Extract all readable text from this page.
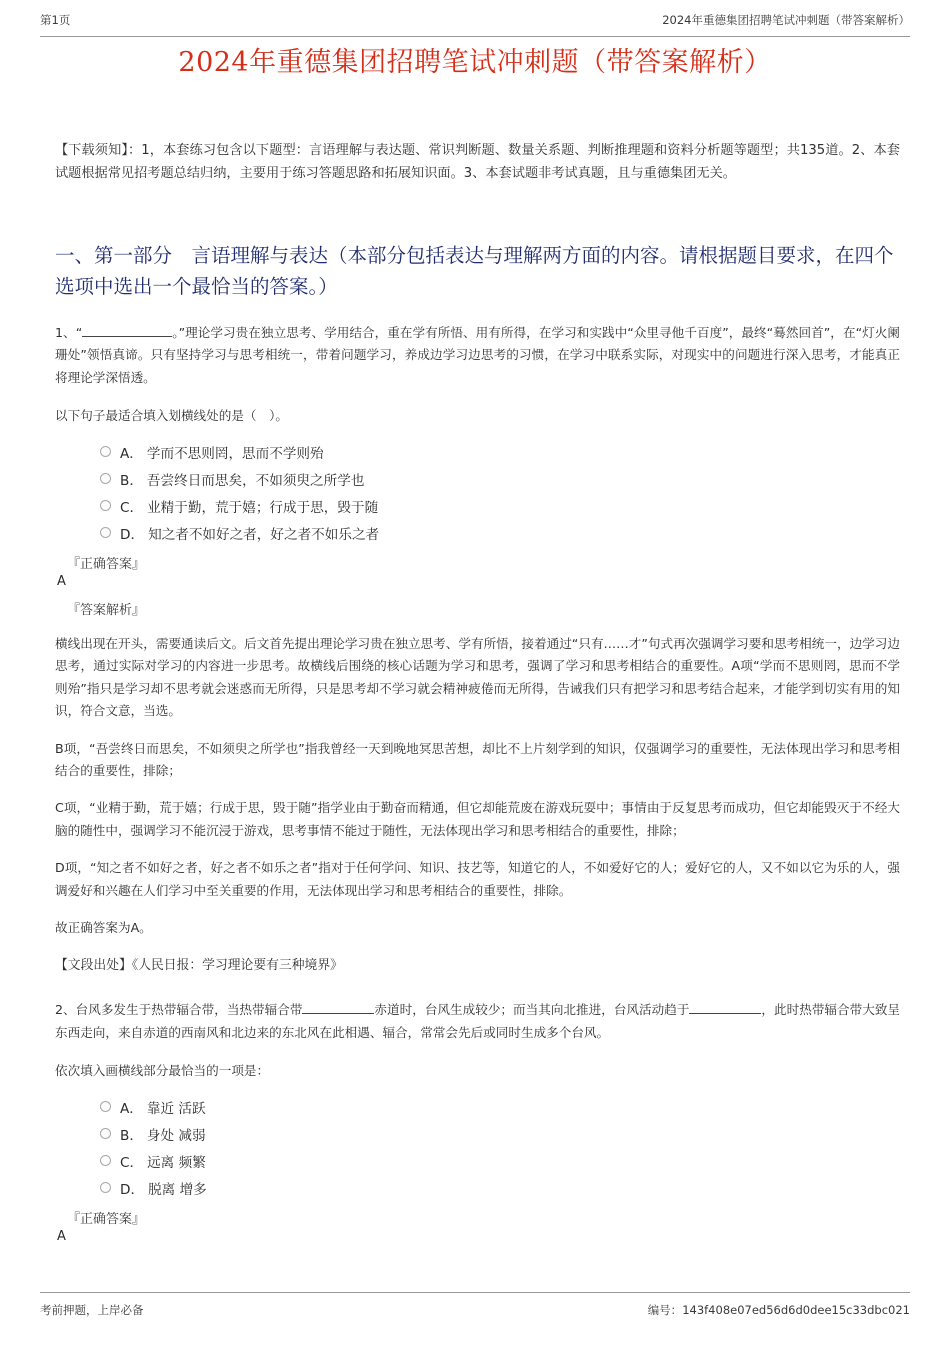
第1页	2024年重德集团招聘笔试冲刺题（带答案解析）
2024年重德集团招聘笔试冲刺题（带答案解析）
【下载须知】：1，本套练习包含以下题型：言语理解与表达题、常识判断题、数量关系题、判断推理题和资料分析题等题型；共135道。2、本套试题根据常见招考题总结归纳，主要用于练习答题思路和拓展知识面。3、本套试题非考试真题，且与重德集团无关。
一、第一部分　言语理解与表达（本部分包括表达与理解两方面的内容。请根据题目要求，在四个选项中选出一个最恰当的答案。）
1、“	。”理论学习贵在独立思考、学用结合，重在学有所悟、用有所得，在学习和实践中“众里寻他千百度”，最终“蓦然回首”，在“灯火阑珊处”领悟真谛。只有坚持学习与思考相统一，带着问题学习，养成边学习边思考的习惯，在学习中联系实际，对现实中的问题进行深入思考，才能真正将理论学深悟透。
以下句子最适合填入划横线处的是（　）。
A． 学而不思则罔，思而不学则殆
B． 吾尝终日而思矣，不如须臾之所学也
C． 业精于勤，荒于嬉；行成于思，毁于随
D． 知之者不如好之者，好之者不如乐之者
『正确答案』
A
『答案解析』
横线出现在开头，需要通读后文。后文首先提出理论学习贵在独立思考、学有所悟，接着通过“只有……才”句式再次强调学习要和思考相统一，边学习边思考，通过实际对学习的内容进一步思考。故横线后围绕的核心话题为学习和思考，强调了学习和思考相结合的重要性。A项“学而不思则罔，思而不学则殆”指只是学习却不思考就会迷惑而无所得，只是思考却不学习就会精神疲倦而无所得，告诫我们只有把学习和思考结合起来，才能学到切实有用的知识，符合文意，当选。
B项，“吾尝终日而思矣，不如须臾之所学也”指我曾经一天到晚地冥思苦想，却比不上片刻学到的知识，仅强调学习的重要性，无法体现出学习和思考相结合的重要性，排除；
C项，“业精于勤，荒于嬉；行成于思，毁于随”指学业由于勤奋而精通，但它却能荒废在游戏玩耍中；事情由于反复思考而成功，但它却能毁灭于不经大脑的随性中，强调学习不能沉浸于游戏，思考事情不能过于随性，无法体现出学习和思考相结合的重要性，排除；
D项，“知之者不如好之者，好之者不如乐之者”指对于任何学问、知识、技艺等，知道它的人，不如爱好它的人；爱好它的人，又不如以它为乐的人，强调爱好和兴趣在人们学习中至关重要的作用，无法体现出学习和思考相结合的重要性，排除。
故正确答案为A。
【文段出处】《人民日报：学习理论要有三种境界》
2、台风多发生于热带辐合带，当热带辐合带	赤道时，台风生成较少；而当其向北推进，台风活动趋于	，此时热带辐合带大致呈东西走向，来自赤道的西南风和北边来的东北风在此相遇、辐合，常常会先后或同时生成多个台风。
依次填入画横线部分最恰当的一项是：
A． 靠近 活跃
B． 身处 减弱
C． 远离 频繁
D． 脱离 增多
『正确答案』
A
考前押题，上岸必备	编号：143f408e07ed56d6d0dee15c33dbc021
